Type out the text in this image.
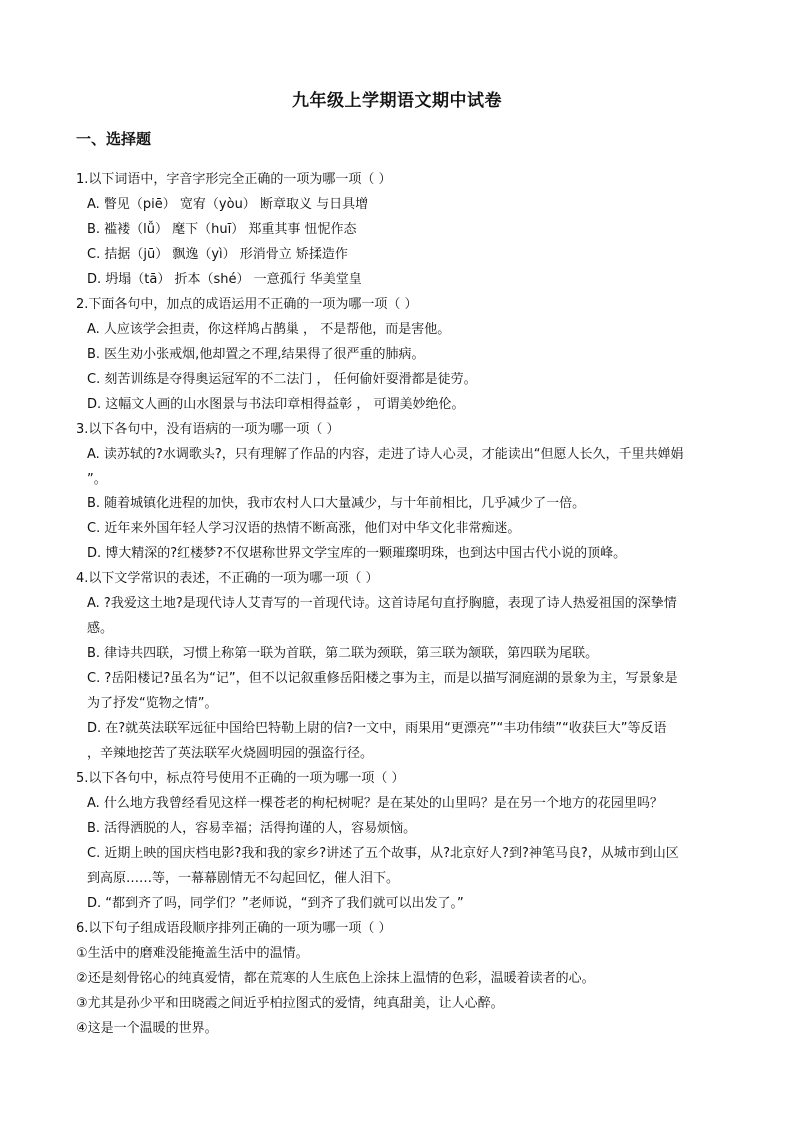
九年级上学期语文期中试卷
一、选择题
1.以下词语中，字音字形完全正确的一项为哪一项（ ）
A. 瞥见（piē） 宽宥（yòu） 断章取义 与日具增
B. 褴褛（lǚ） 麾下（huī） 郑重其事 忸怩作态
C. 拮据（jū） 飘逸（yì） 形消骨立 矫揉造作
D. 坍塌（tā） 折本（shé） 一意孤行 华美堂皇
2.下面各句中，加点的成语运用不正确的一项为哪一项（ ）
A. 人应该学会担责，你这样鸠占鹊巢 ， 不是帮他，而是害他。
B. 医生劝小张戒烟,他却置之不理,结果得了很严重的肺病。
C. 刻苦训练是夺得奥运冠军的不二法门 ， 任何偷奸耍滑都是徒劳。
D. 这幅文人画的山水图景与书法印章相得益彰 ， 可谓美妙绝伦。
3.以下各句中，没有语病的一项为哪一项（ ）
A. 读苏轼的?水调歌头?，只有理解了作品的内容，走进了诗人心灵，才能读出“但愿人长久，千里共婵娟
”。
B. 随着城镇化进程的加快，我市农村人口大量减少，与十年前相比，几乎减少了一倍。
C. 近年来外国年轻人学习汉语的热情不断高涨，他们对中华文化非常痴迷。
D. 博大精深的?红楼梦?不仅堪称世界文学宝库的一颗璀璨明珠，也到达中国古代小说的顶峰。
4.以下文学常识的表述，不正确的一项为哪一项（ ）
A. ?我爱这土地?是现代诗人艾青写的一首现代诗。这首诗尾句直抒胸臆，表现了诗人热爱祖国的深挚情
感。
B. 律诗共四联，习惯上称第一联为首联，第二联为颈联，第三联为颔联，第四联为尾联。
C. ?岳阳楼记?虽名为“记”，但不以记叙重修岳阳楼之事为主，而是以描写洞庭湖的景象为主，写景象是
为了抒发“览物之情”。
D. 在?就英法联军远征中国给巴特勒上尉的信?一文中，雨果用“更漂亮”“丰功伟绩”“收获巨大”等反语
，辛辣地挖苦了英法联军火烧圆明园的强盗行径。
5.以下各句中，标点符号使用不正确的一项为哪一项（ ）
A. 什么地方我曾经看见这样一棵苍老的枸杞树呢？是在某处的山里吗？是在另一个地方的花园里吗？
B. 活得洒脱的人，容易幸福；活得拘谨的人，容易烦恼。
C. 近期上映的国庆档电影?我和我的家乡?讲述了五个故事，从?北京好人?到?神笔马良?，从城市到山区
到高原……等，一幕幕剧情无不勾起回忆，催人泪下。
D. “都到齐了吗，同学们？”老师说，“到齐了我们就可以出发了。”
6.以下句子组成语段顺序排列正确的一项为哪一项（ ）
①生活中的磨难没能掩盖生活中的温情。
②还是刻骨铭心的纯真爱情，都在荒寒的人生底色上涂抹上温情的色彩，温暖着读者的心。
③尤其是孙少平和田晓霞之间近乎柏拉图式的爱情，纯真甜美，让人心醉。
④这是一个温暖的世界。
